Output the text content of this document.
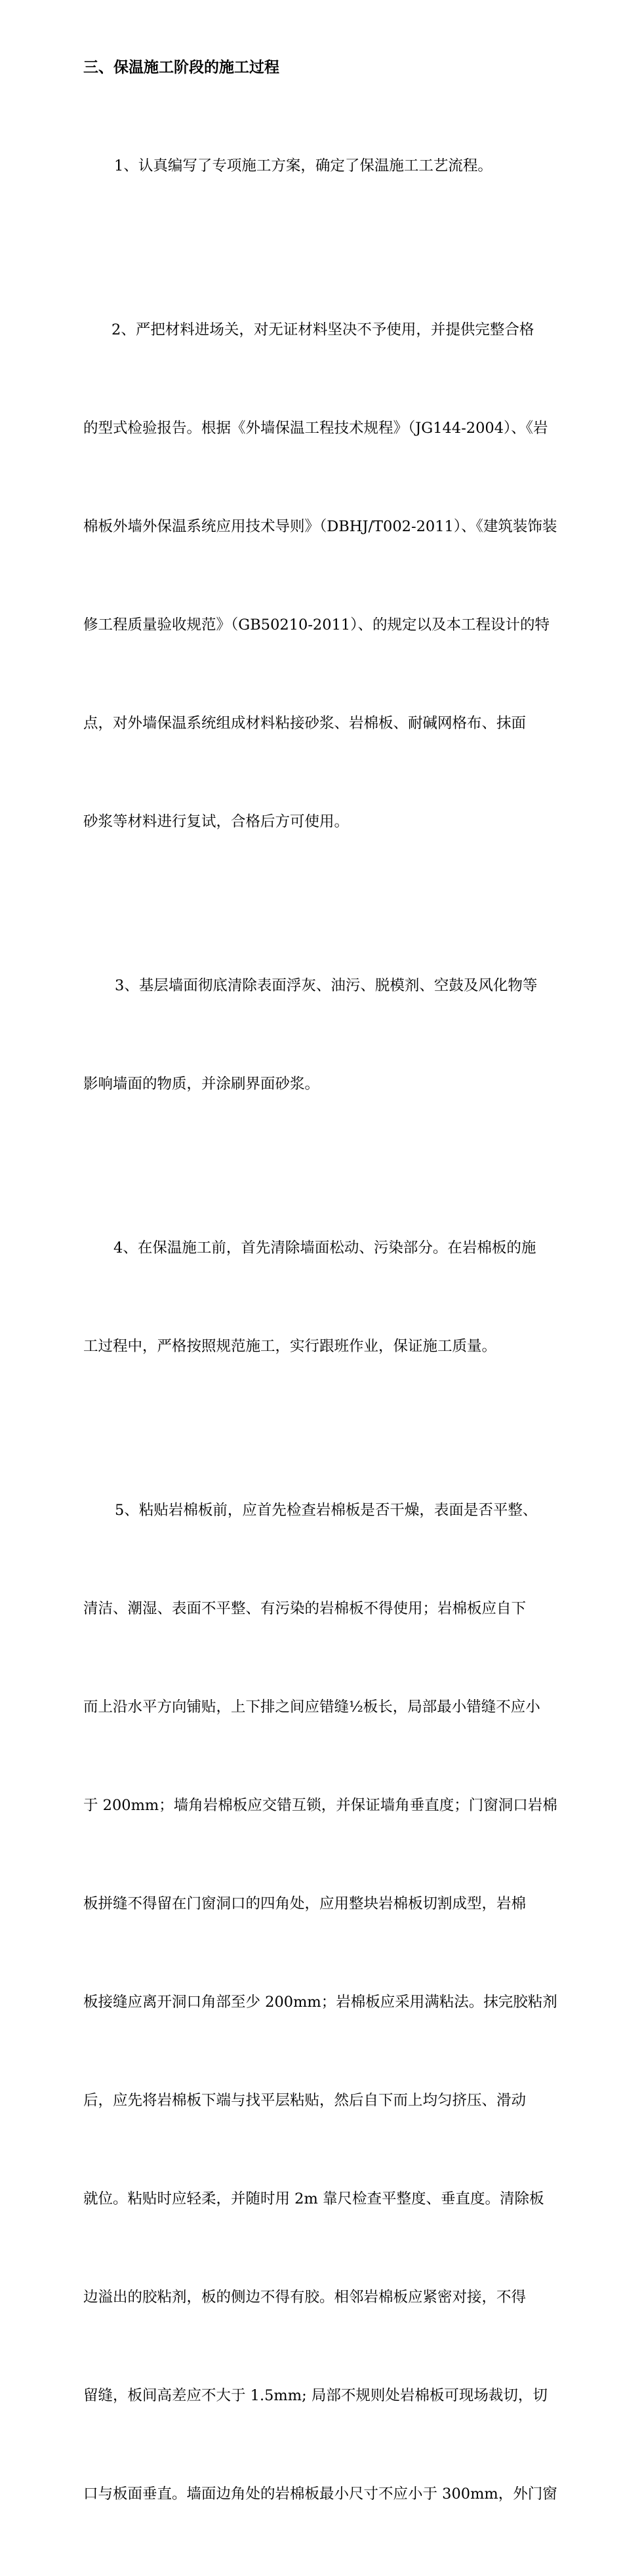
三、保温施工阶段的施工过程

1、认真编写了专项施工方案，确定了保温施工工艺流程。

2、严把材料进场关，对无证材料坚决不予使用，并提供完整合格

的型式检验报告。根据《外墙保温工程技术规程》（JG144-2004）、《岩

棉板外墙外保温系统应用技术导则》（DBHJ/T002-2011）、《建筑装饰装

修工程质量验收规范》（GB50210-2011）、的规定以及本工程设计的特

点，对外墙保温系统组成材料粘接砂浆、岩棉板、耐碱网格布、抹面

砂浆等材料进行复试，合格后方可使用。

3、基层墙面彻底清除表面浮灰、油污、脱模剂、空鼓及风化物等

影响墙面的物质，并涂刷界面砂浆。

4、在保温施工前，首先清除墙面松动、污染部分。在岩棉板的施

工过程中，严格按照规范施工，实行跟班作业，保证施工质量。

5、粘贴岩棉板前，应首先检查岩棉板是否干燥，表面是否平整、

清洁、潮湿、表面不平整、有污染的岩棉板不得使用；岩棉板应自下

而上沿水平方向铺贴，上下排之间应错缝½板长，局部最小错缝不应小

于 200mm；墙角岩棉板应交错互锁，并保证墙角垂直度；门窗洞口岩棉

板拼缝不得留在门窗洞口的四角处，应用整块岩棉板切割成型，岩棉

板接缝应离开洞口角部至少 200mm；岩棉板应采用满粘法。抹完胶粘剂

后，应先将岩棉板下端与找平层粘贴，然后自下而上均匀挤压、滑动

就位。粘贴时应轻柔，并随时用 2m 靠尺检查平整度、垂直度。清除板

边溢出的胶粘剂，板的侧边不得有胶。相邻岩棉板应紧密对接，不得

留缝，板间高差应不大于 1.5mm; 局部不规则处岩棉板可现场裁切，切

口与板面垂直。墙面边角处的岩棉板最小尺寸不应小于 300mm，外门窗
